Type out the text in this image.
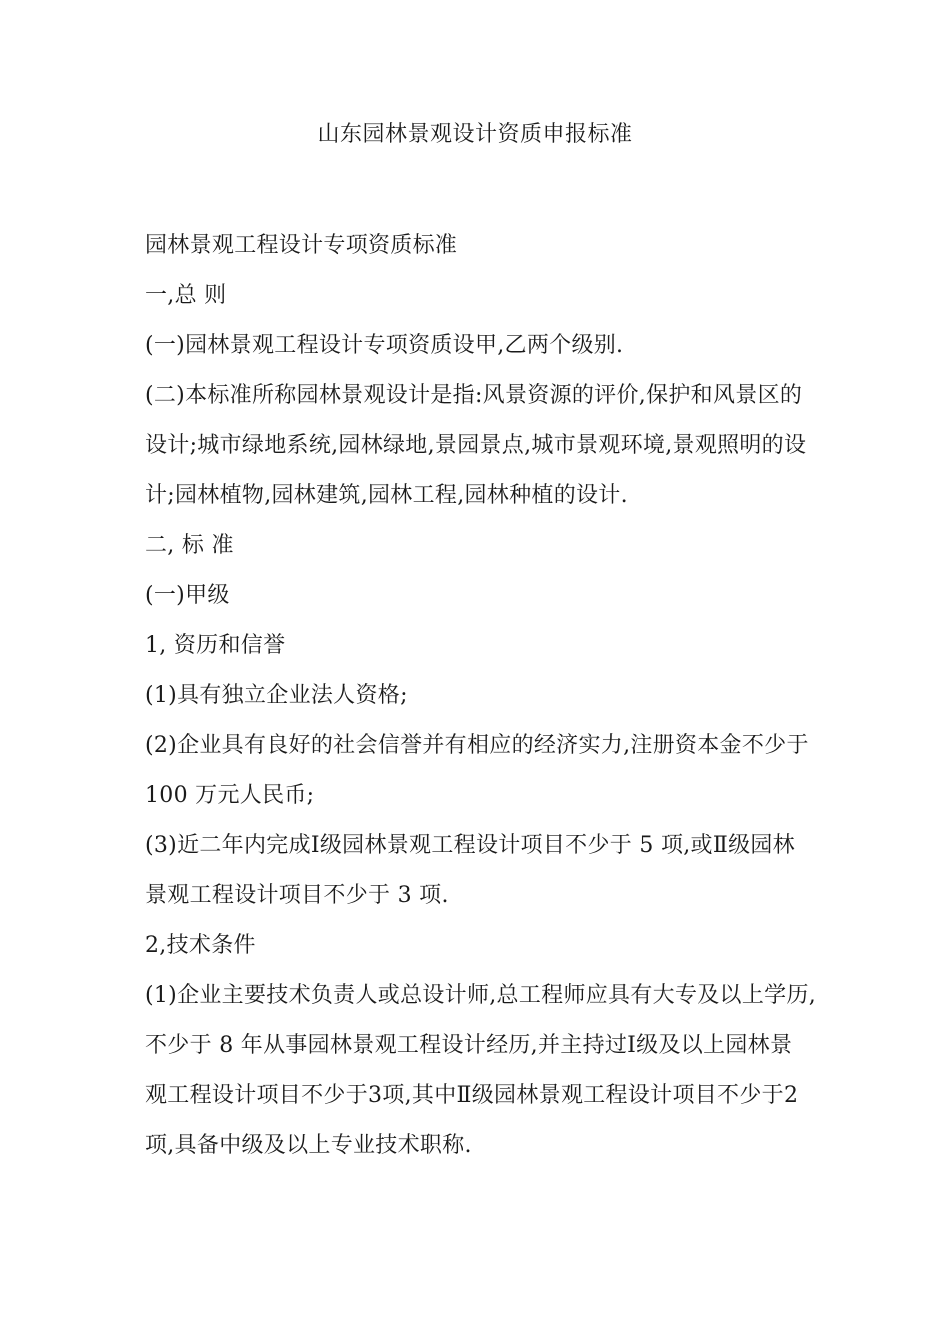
山东园林景观设计资质申报标准
园林景观工程设计专项资质标准
一,总 则
(一)园林景观工程设计专项资质设甲,乙两个级别.
(二)本标准所称园林景观设计是指:风景资源的评价,保护和风景区的
设计;城市绿地系统,园林绿地,景园景点,城市景观环境,景观照明的设
计;园林植物,园林建筑,园林工程,园林种植的设计.
二, 标 准
(一)甲级
1, 资历和信誉
(1)具有独立企业法人资格;
(2)企业具有良好的社会信誉并有相应的经济实力,注册资本金不少于
100 万元人民币;
(3)近二年内完成Ⅰ级园林景观工程设计项目不少于 5 项,或Ⅱ级园林
景观工程设计项目不少于 3 项.
2,技术条件
(1)企业主要技术负责人或总设计师,总工程师应具有大专及以上学历,
不少于 8 年从事园林景观工程设计经历,并主持过Ⅰ级及以上园林景
观工程设计项目不少于3项,其中Ⅱ级园林景观工程设计项目不少于2
项,具备中级及以上专业技术职称.
